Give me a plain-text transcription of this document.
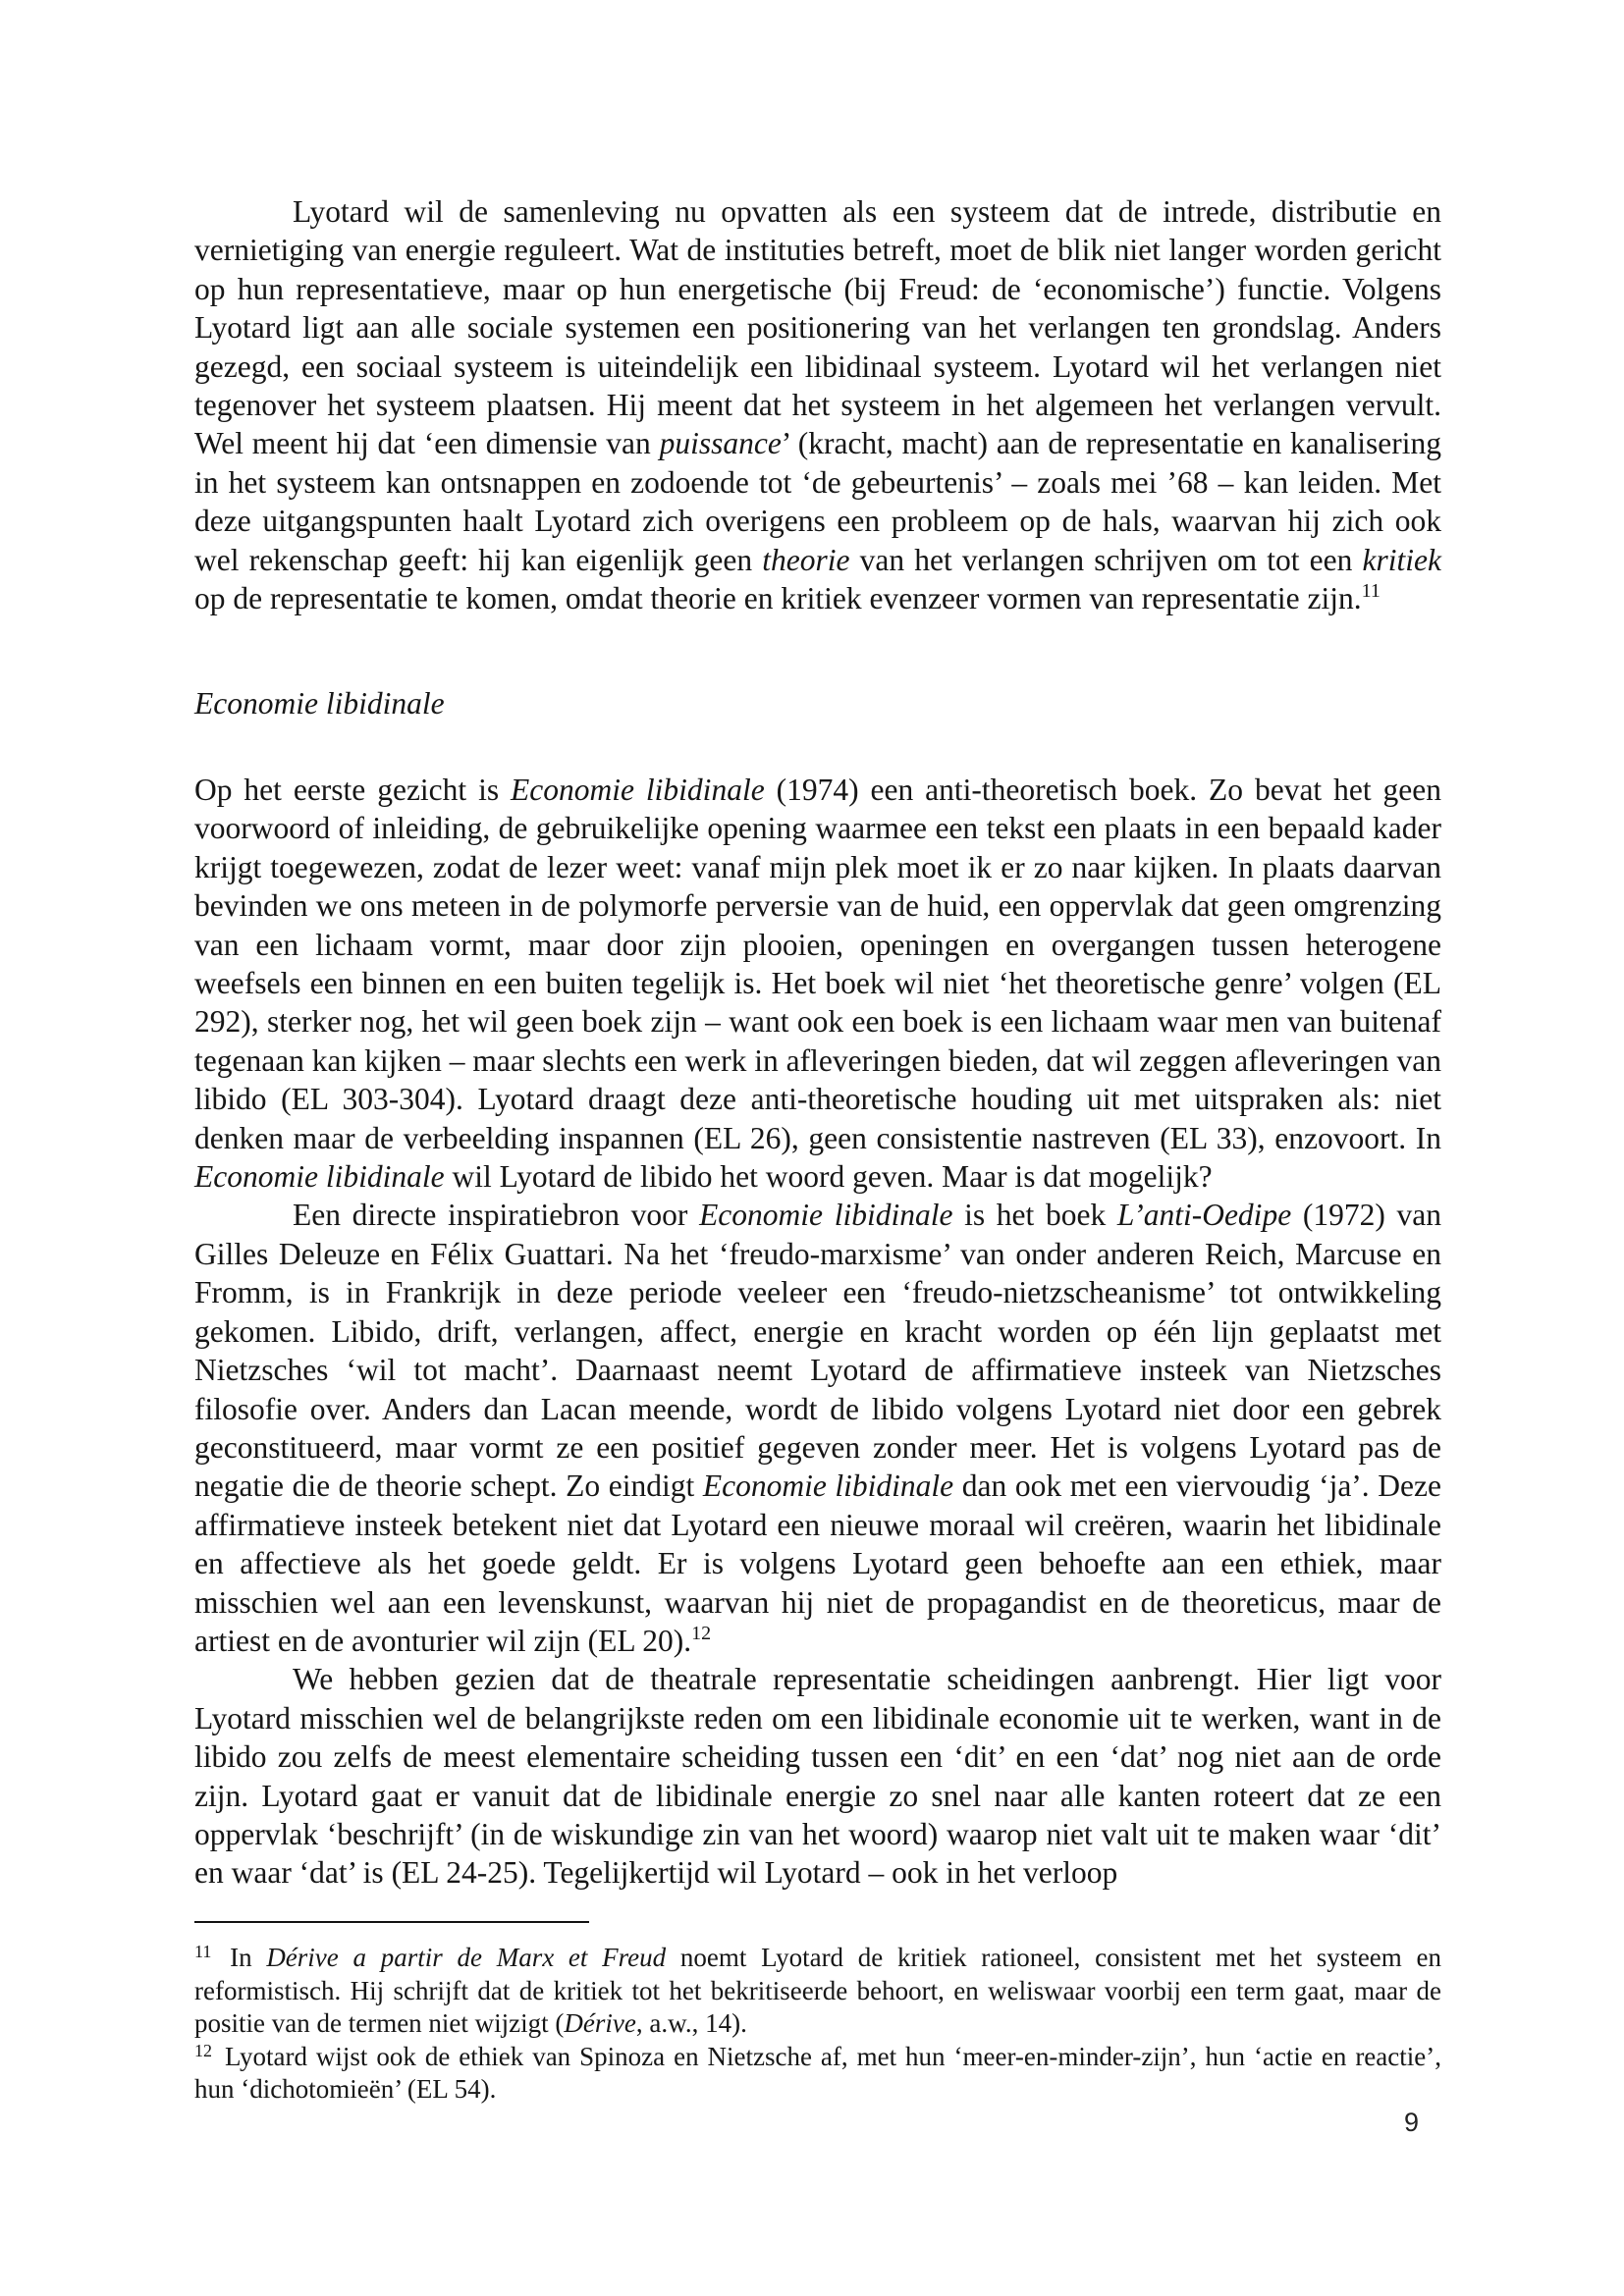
Lyotard wil de samenleving nu opvatten als een systeem dat de intrede, distributie en vernietiging van energie reguleert. Wat de instituties betreft, moet de blik niet langer worden gericht op hun representatieve, maar op hun energetische (bij Freud: de ‘economische’) functie. Volgens Lyotard ligt aan alle sociale systemen een positionering van het verlangen ten grondslag. Anders gezegd, een sociaal systeem is uiteindelijk een libidinaal systeem. Lyotard wil het verlangen niet tegenover het systeem plaatsen. Hij meent dat het systeem in het algemeen het verlangen vervult. Wel meent hij dat ‘een dimensie van puissance’ (kracht, macht) aan de representatie en kanalisering in het systeem kan ontsnappen en zodoende tot ‘de gebeurtenis’ – zoals mei ’68 – kan leiden. Met deze uitgangspunten haalt Lyotard zich overigens een probleem op de hals, waarvan hij zich ook wel rekenschap geeft: hij kan eigenlijk geen theorie van het verlangen schrijven om tot een kritiek op de representatie te komen, omdat theorie en kritiek evenzeer vormen van representatie zijn.$^{11}$

Economie libidinale

Op het eerste gezicht is Economie libidinale (1974) een anti-theoretisch boek. Zo bevat het geen voorwoord of inleiding, de gebruikelijke opening waarmee een tekst een plaats in een bepaald kader krijgt toegewezen, zodat de lezer weet: vanaf mijn plek moet ik er zo naar kijken. In plaats daarvan bevinden we ons meteen in de polymorfe perversie van de huid, een oppervlak dat geen omgrenzing van een lichaam vormt, maar door zijn plooien, openingen en overgangen tussen heterogene weefsels een binnen en een buiten tegelijk is. Het boek wil niet ‘het theoretische genre’ volgen (EL 292), sterker nog, het wil geen boek zijn – want ook een boek is een lichaam waar men van buitenaf tegenaan kan kijken – maar slechts een werk in afleveringen bieden, dat wil zeggen afleveringen van libido (EL 303-304). Lyotard draagt deze anti-theoretische houding uit met uitspraken als: niet denken maar de verbeelding inspannen (EL 26), geen consistentie nastreven (EL 33), enzovoort. In Economie libidinale wil Lyotard de libido het woord geven. Maar is dat mogelijk?

Een directe inspiratiebron voor Economie libidinale is het boek L’anti-Oedipe (1972) van Gilles Deleuze en Félix Guattari. Na het ‘freudo-marxisme’ van onder anderen Reich, Marcuse en Fromm, is in Frankrijk in deze periode veeleer een ‘freudo-nietzscheanisme’ tot ontwikkeling gekomen. Libido, drift, verlangen, affect, energie en kracht worden op één lijn geplaatst met Nietzsches ‘wil tot macht’. Daarnaast neemt Lyotard de affirmatieve insteek van Nietzsches filosofie over. Anders dan Lacan meende, wordt de libido volgens Lyotard niet door een gebrek geconstitueerd, maar vormt ze een positief gegeven zonder meer. Het is volgens Lyotard pas de negatie die de theorie schept. Zo eindigt Economie libidinale dan ook met een viervoudig ‘ja’. Deze affirmatieve insteek betekent niet dat Lyotard een nieuwe moraal wil creëren, waarin het libidinale en affectieve als het goede geldt. Er is volgens Lyotard geen behoefte aan een ethiek, maar misschien wel aan een levenskunst, waarvan hij niet de propagandist en de theoreticus, maar de artiest en de avonturier wil zijn (EL 20).$^{12}$

We hebben gezien dat de theatrale representatie scheidingen aanbrengt. Hier ligt voor Lyotard misschien wel de belangrijkste reden om een libidinale economie uit te werken, want in de libido zou zelfs de meest elementaire scheiding tussen een ‘dit’ en een ‘dat’ nog niet aan de orde zijn. Lyotard gaat er vanuit dat de libidinale energie zo snel naar alle kanten roteert dat ze een oppervlak ‘beschrijft’ (in de wiskundige zin van het woord) waarop niet valt uit te maken waar ‘dit’ en waar ‘dat’ is (EL 24-25). Tegelijkertijd wil Lyotard – ook in het verloop

$^{11}$ In Dérive a partir de Marx et Freud noemt Lyotard de kritiek rationeel, consistent met het systeem en reformistisch. Hij schrijft dat de kritiek tot het bekritiseerde behoort, en weliswaar voorbij een term gaat, maar de positie van de termen niet wijzigt (Dérive, a.w., 14).

$^{12}$ Lyotard wijst ook de ethiek van Spinoza en Nietzsche af, met hun ‘meer-en-minder-zijn’, hun ‘actie en reactie’, hun ‘dichotomieën’ (EL 54).

9
